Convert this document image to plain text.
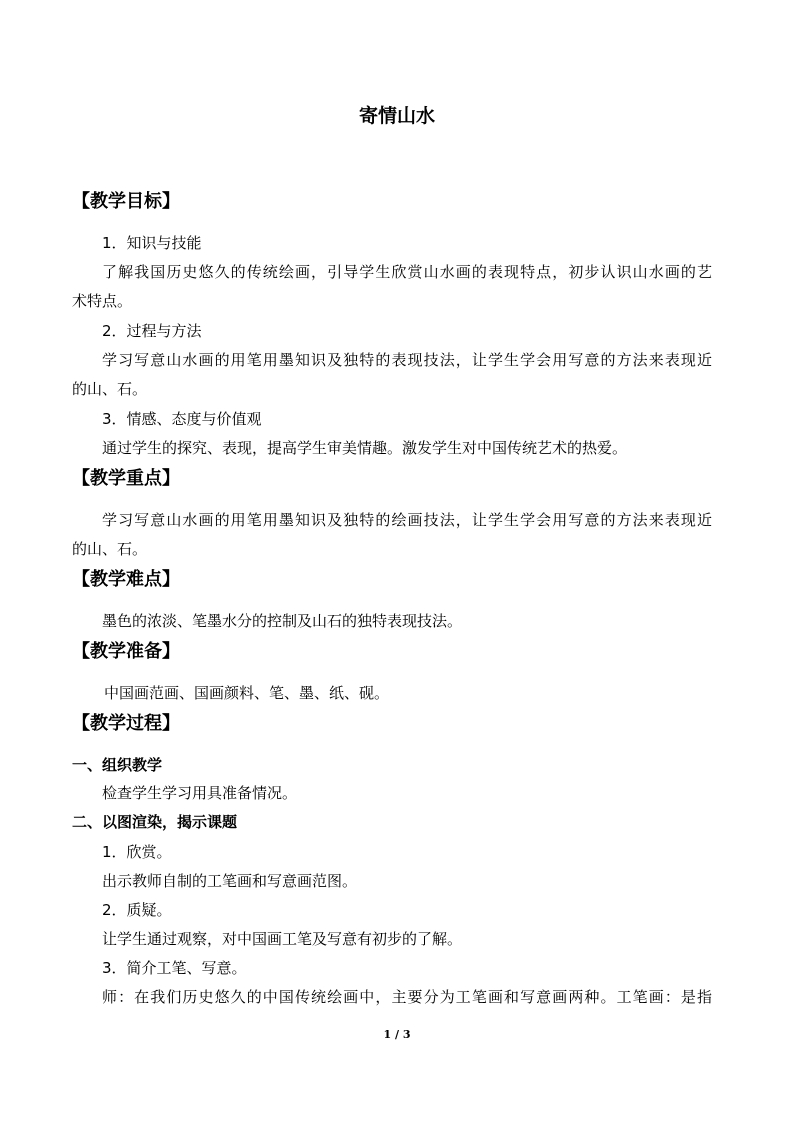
寄情山水
【教学目标】
1．知识与技能
了解我国历史悠久的传统绘画，引导学生欣赏山水画的表现特点，初步认识山水画的艺
术特点。
2．过程与方法
学习写意山水画的用笔用墨知识及独特的表现技法，让学生学会用写意的方法来表现近
的山、石。
3．情感、态度与价值观
通过学生的探究、表现，提高学生审美情趣。激发学生对中国传统艺术的热爱。
【教学重点】
学习写意山水画的用笔用墨知识及独特的绘画技法，让学生学会用写意的方法来表现近
的山、石。
【教学难点】
墨色的浓淡、笔墨水分的控制及山石的独特表现技法。
【教学准备】
中国画范画、国画颜料、笔、墨、纸、砚。
【教学过程】
一、组织教学
检查学生学习用具准备情况。
二、以图渲染，揭示课题
1．欣赏。
出示教师自制的工笔画和写意画范图。
2．质疑。
让学生通过观察，对中国画工笔及写意有初步的了解。
3．简介工笔、写意。
师：在我们历史悠久的中国传统绘画中，主要分为工笔画和写意画两种。工笔画：是指
1 / 3
